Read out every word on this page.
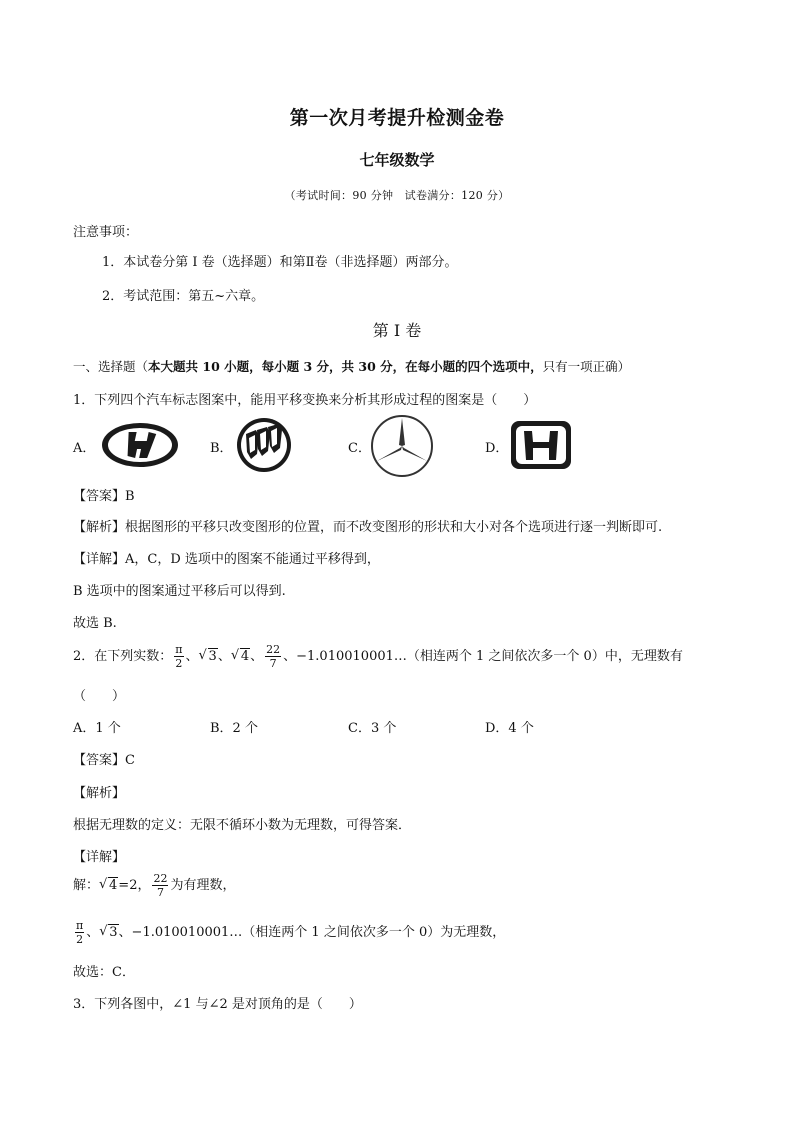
第一次月考提升检测金卷
七年级数学
（考试时间：90 分钟　试卷满分：120 分）
注意事项：
1．本试卷分第 I 卷（选择题）和第Ⅱ卷（非选择题）两部分。
2．考试范围：第五~六章。
第 I 卷
一、选择题（本大题共 10 小题，每小题 3 分，共 30 分，在每小题的四个选项中，只有一项正确）
1．下列四个汽车标志图案中，能用平移变换来分析其形成过程的图案是（　　）
A．	B．	C．	D．
【答案】B
【解析】根据图形的平移只改变图形的位置，而不改变图形的形状和大小对各个选项进行逐一判断即可.
【详解】A，C，D 选项中的图案不能通过平移得到，
B 选项中的图案通过平移后可以得到.
故选 B.
2．在下列实数： $\frac{\pi}{2}$ 、 √ 3、 √ 4、 $\frac{22}{7}$ 、−1.010010001…（相连两个 1 之间依次多一个 0）中，无理数有
（　　）
A．1 个	B．2 个	C．3 个	D．4 个
【答案】C
【解析】
根据无理数的定义：无限不循环小数为无理数，可得答案．
【详解】
解： √ 4=2， $\frac{22}{7}$ 为有理数，
$\frac{\pi}{2}$ 、 √ 3、−1.010010001…（相连两个 1 之间依次多一个 0）为无理数，
故选：C．
3．下列各图中，∠1 与∠2 是对顶角的是（　　）
